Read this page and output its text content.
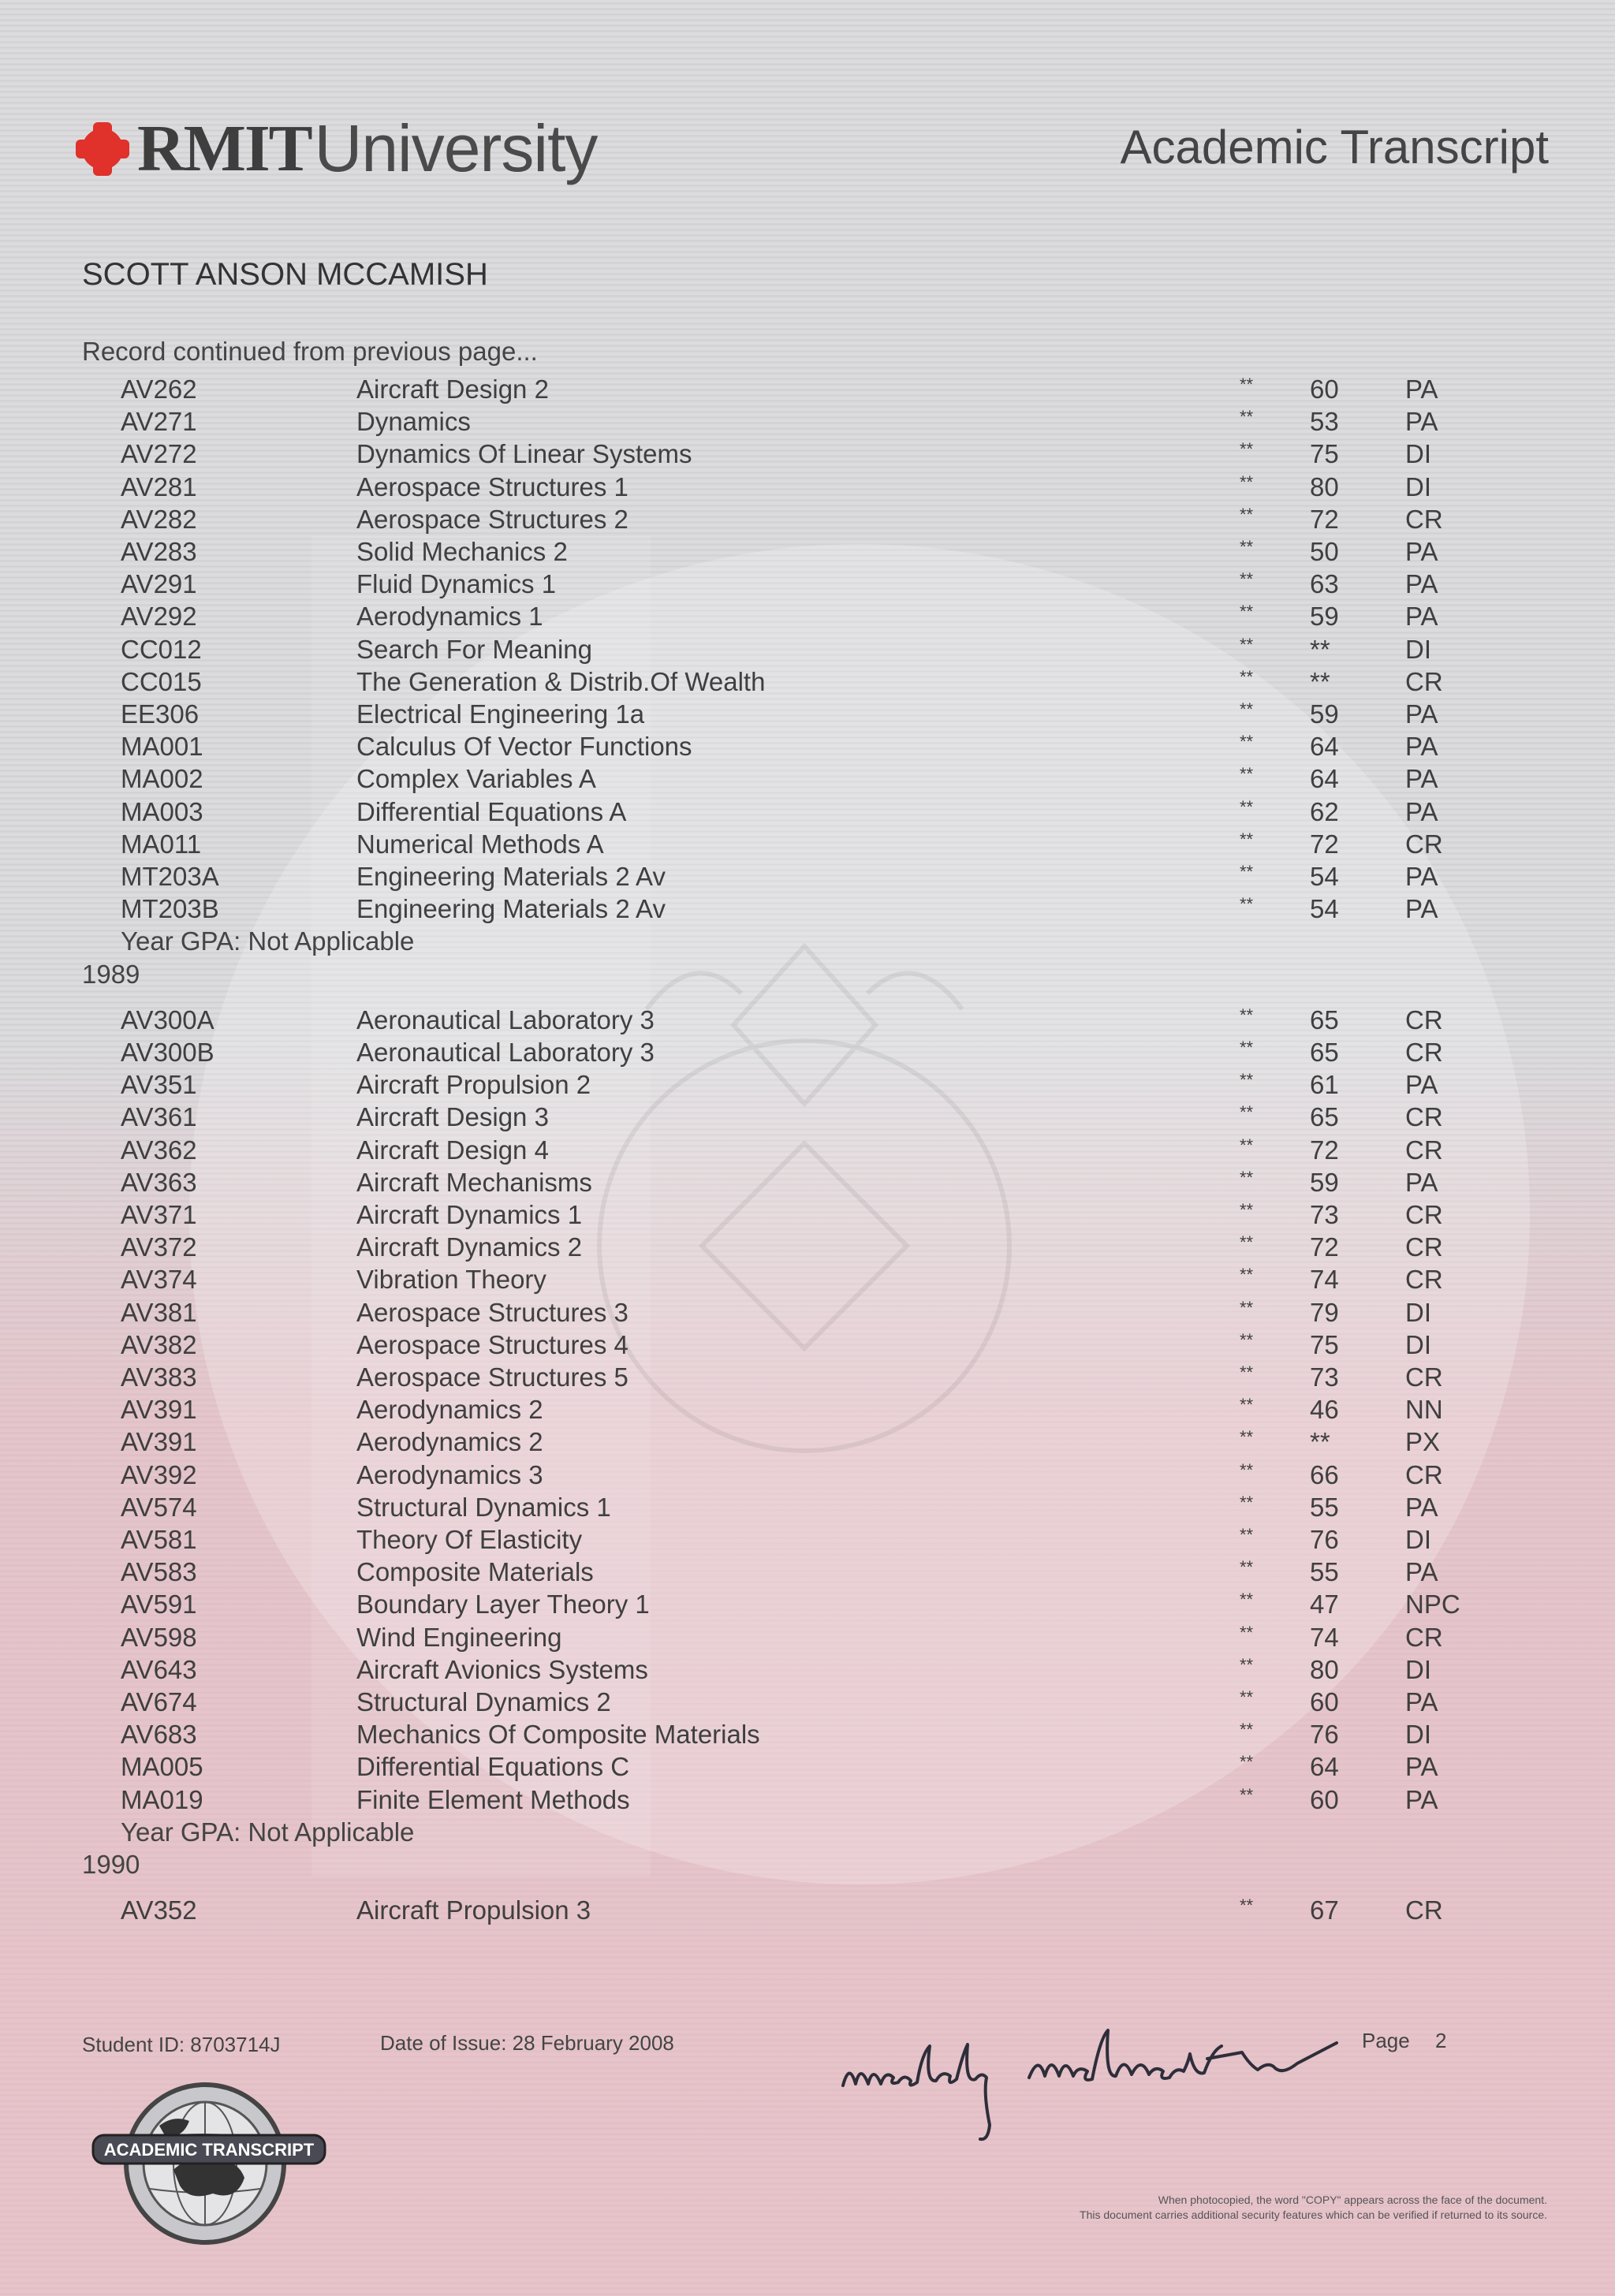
RMIT University	Academic Transcript
SCOTT ANSON MCCAMISH
Record continued from previous page...
AV262	Aircraft Design 2	** 60	PA
AV271	Dynamics	** 53	PA
AV272	Dynamics Of Linear Systems	** 75	DI
AV281	Aerospace Structures 1	** 80	DI
AV282	Aerospace Structures 2	** 72	CR
AV283	Solid Mechanics 2	** 50	PA
AV291	Fluid Dynamics 1	** 63	PA
AV292	Aerodynamics 1	** 59	PA
CC012	Search For Meaning	** **	DI
CC015	The Generation & Distrib.Of Wealth	** **	CR
EE306	Electrical Engineering 1a	** 59	PA
MA001	Calculus Of Vector Functions	** 64	PA
MA002	Complex Variables A	** 64	PA
MA003	Differential Equations A	** 62	PA
MA011	Numerical Methods A	** 72	CR
MT203A	Engineering Materials 2 Av	** 54	PA
MT203B	Engineering Materials 2 Av	** 54	PA
Year GPA: Not Applicable
1989
AV300A	Aeronautical Laboratory 3	** 65	CR
AV300B	Aeronautical Laboratory 3	** 65	CR
AV351	Aircraft Propulsion 2	** 61	PA
AV361	Aircraft Design 3	** 65	CR
AV362	Aircraft Design 4	** 72	CR
AV363	Aircraft Mechanisms	** 59	PA
AV371	Aircraft Dynamics 1	** 73	CR
AV372	Aircraft Dynamics 2	** 72	CR
AV374	Vibration Theory	** 74	CR
AV381	Aerospace Structures 3	** 79	DI
AV382	Aerospace Structures 4	** 75	DI
AV383	Aerospace Structures 5	** 73	CR
AV391	Aerodynamics 2	** 46	NN
AV391	Aerodynamics 2	** **	PX
AV392	Aerodynamics 3	** 66	CR
AV574	Structural Dynamics 1	** 55	PA
AV581	Theory Of Elasticity	** 76	DI
AV583	Composite Materials	** 55	PA
AV591	Boundary Layer Theory 1	** 47	NPC
AV598	Wind Engineering	** 74	CR
AV643	Aircraft Avionics Systems	** 80	DI
AV674	Structural Dynamics 2	** 60	PA
AV683	Mechanics Of Composite Materials	** 76	DI
MA005	Differential Equations C	** 64	PA
MA019	Finite Element Methods	** 60	PA
Year GPA: Not Applicable
1990
AV352	Aircraft Propulsion 3	** 67	CR
Student ID: 8703714J	Date of Issue: 28 February 2008	Page 2
ACADEMIC TRANSCRIPT
When photocopied, the word "COPY" appears across the face of the document.
This document carries additional security features which can be verified if returned to its source.
